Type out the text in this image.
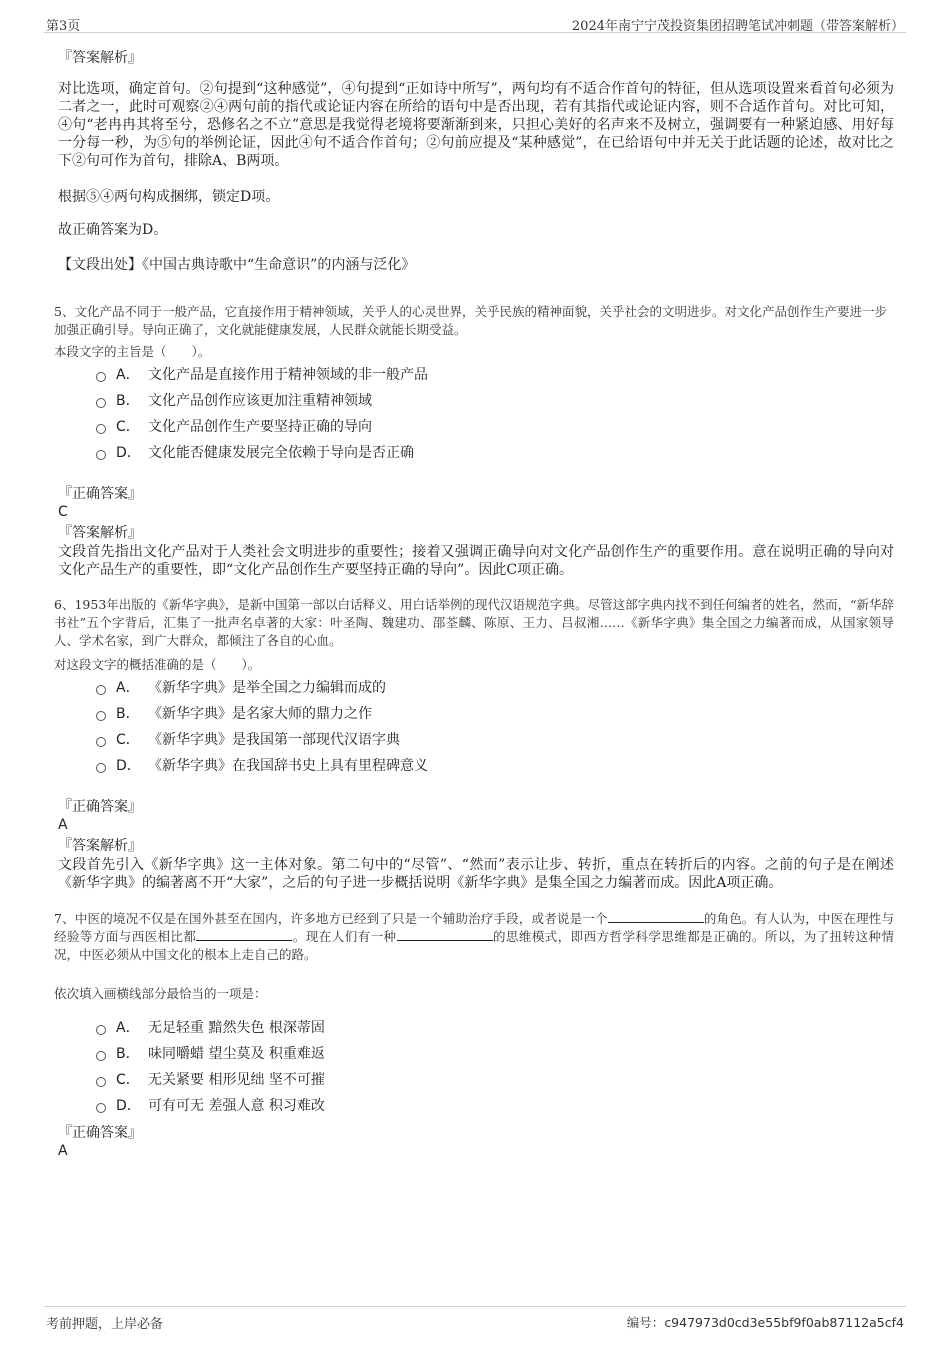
第3页	2024年南宁宁茂投资集团招聘笔试冲刺题（带答案解析）
『答案解析』
对比选项，确定首句。②句提到“这种感觉”，④句提到“正如诗中所写”，两句均有不适合作首句的特征，但从选项设置来看首句必须为二者之一，此时可观察②④两句前的指代或论证内容在所给的语句中是否出现，若有其指代或论证内容，则不合适作首句。对比可知，④句“老冉冉其将至兮，恐修名之不立”意思是我觉得老境将要渐渐到来，只担心美好的名声来不及树立，强调要有一种紧迫感、用好每一分每一秒，为⑤句的举例论证，因此④句不适合作首句；②句前应提及“某种感觉”，在已给语句中并无关于此话题的论述，故对比之下②句可作为首句，排除A、B两项。
根据⑤④两句构成捆绑，锁定D项。
故正确答案为D。
【文段出处】《中国古典诗歌中“生命意识”的内涵与泛化》
5、文化产品不同于一般产品，它直接作用于精神领域，关乎人的心灵世界，关乎民族的精神面貌，关乎社会的文明进步。对文化产品创作生产要进一步加强正确引导。导向正确了，文化就能健康发展，人民群众就能长期受益。
本段文字的主旨是（　　）。
A． 文化产品是直接作用于精神领域的非一般产品
B． 文化产品创作应该更加注重精神领域
C． 文化产品创作生产要坚持正确的导向
D． 文化能否健康发展完全依赖于导向是否正确
『正确答案』
C
『答案解析』
文段首先指出文化产品对于人类社会文明进步的重要性；接着又强调正确导向对文化产品创作生产的重要作用。意在说明正确的导向对文化产品生产的重要性，即“文化产品创作生产要坚持正确的导向”。因此C项正确。
6、1953年出版的《新华字典》，是新中国第一部以白话释义、用白话举例的现代汉语规范字典。尽管这部字典内找不到任何编者的姓名，然而，“新华辞书社”五个字背后，汇集了一批声名卓著的大家：叶圣陶、魏建功、邵荃麟、陈原、王力、吕叔湘……《新华字典》集全国之力编著而成，从国家领导人、学术名家，到广大群众，都倾注了各自的心血。
对这段文字的概括准确的是（　　）。
A． 《新华字典》是举全国之力编辑而成的
B． 《新华字典》是名家大师的鼎力之作
C． 《新华字典》是我国第一部现代汉语字典
D． 《新华字典》在我国辞书史上具有里程碑意义
『正确答案』
A
『答案解析』
文段首先引入《新华字典》这一主体对象。第二句中的“尽管”、“然而”表示让步、转折，重点在转折后的内容。之前的句子是在阐述《新华字典》的编著离不开“大家”，之后的句子进一步概括说明《新华字典》是集全国之力编著而成。因此A项正确。
7、中医的境况不仅是在国外甚至在国内，许多地方已经到了只是一个辅助治疗手段，或者说是一个	的角色。有人认为，中医在理性与经验等方面与西医相比都	。现在人们有一种	的思维模式，即西方哲学科学思维都是正确的。所以，为了扭转这种情况，中医必须从中国文化的根本上走自己的路。
依次填入画横线部分最恰当的一项是：
A． 无足轻重 黯然失色 根深蒂固
B． 味同嚼蜡 望尘莫及 积重难返
C． 无关紧要 相形见绌 坚不可摧
D． 可有可无 差强人意 积习难改
『正确答案』
A
考前押题，上岸必备	编号：c947973d0cd3e55bf9f0ab87112a5cf4
